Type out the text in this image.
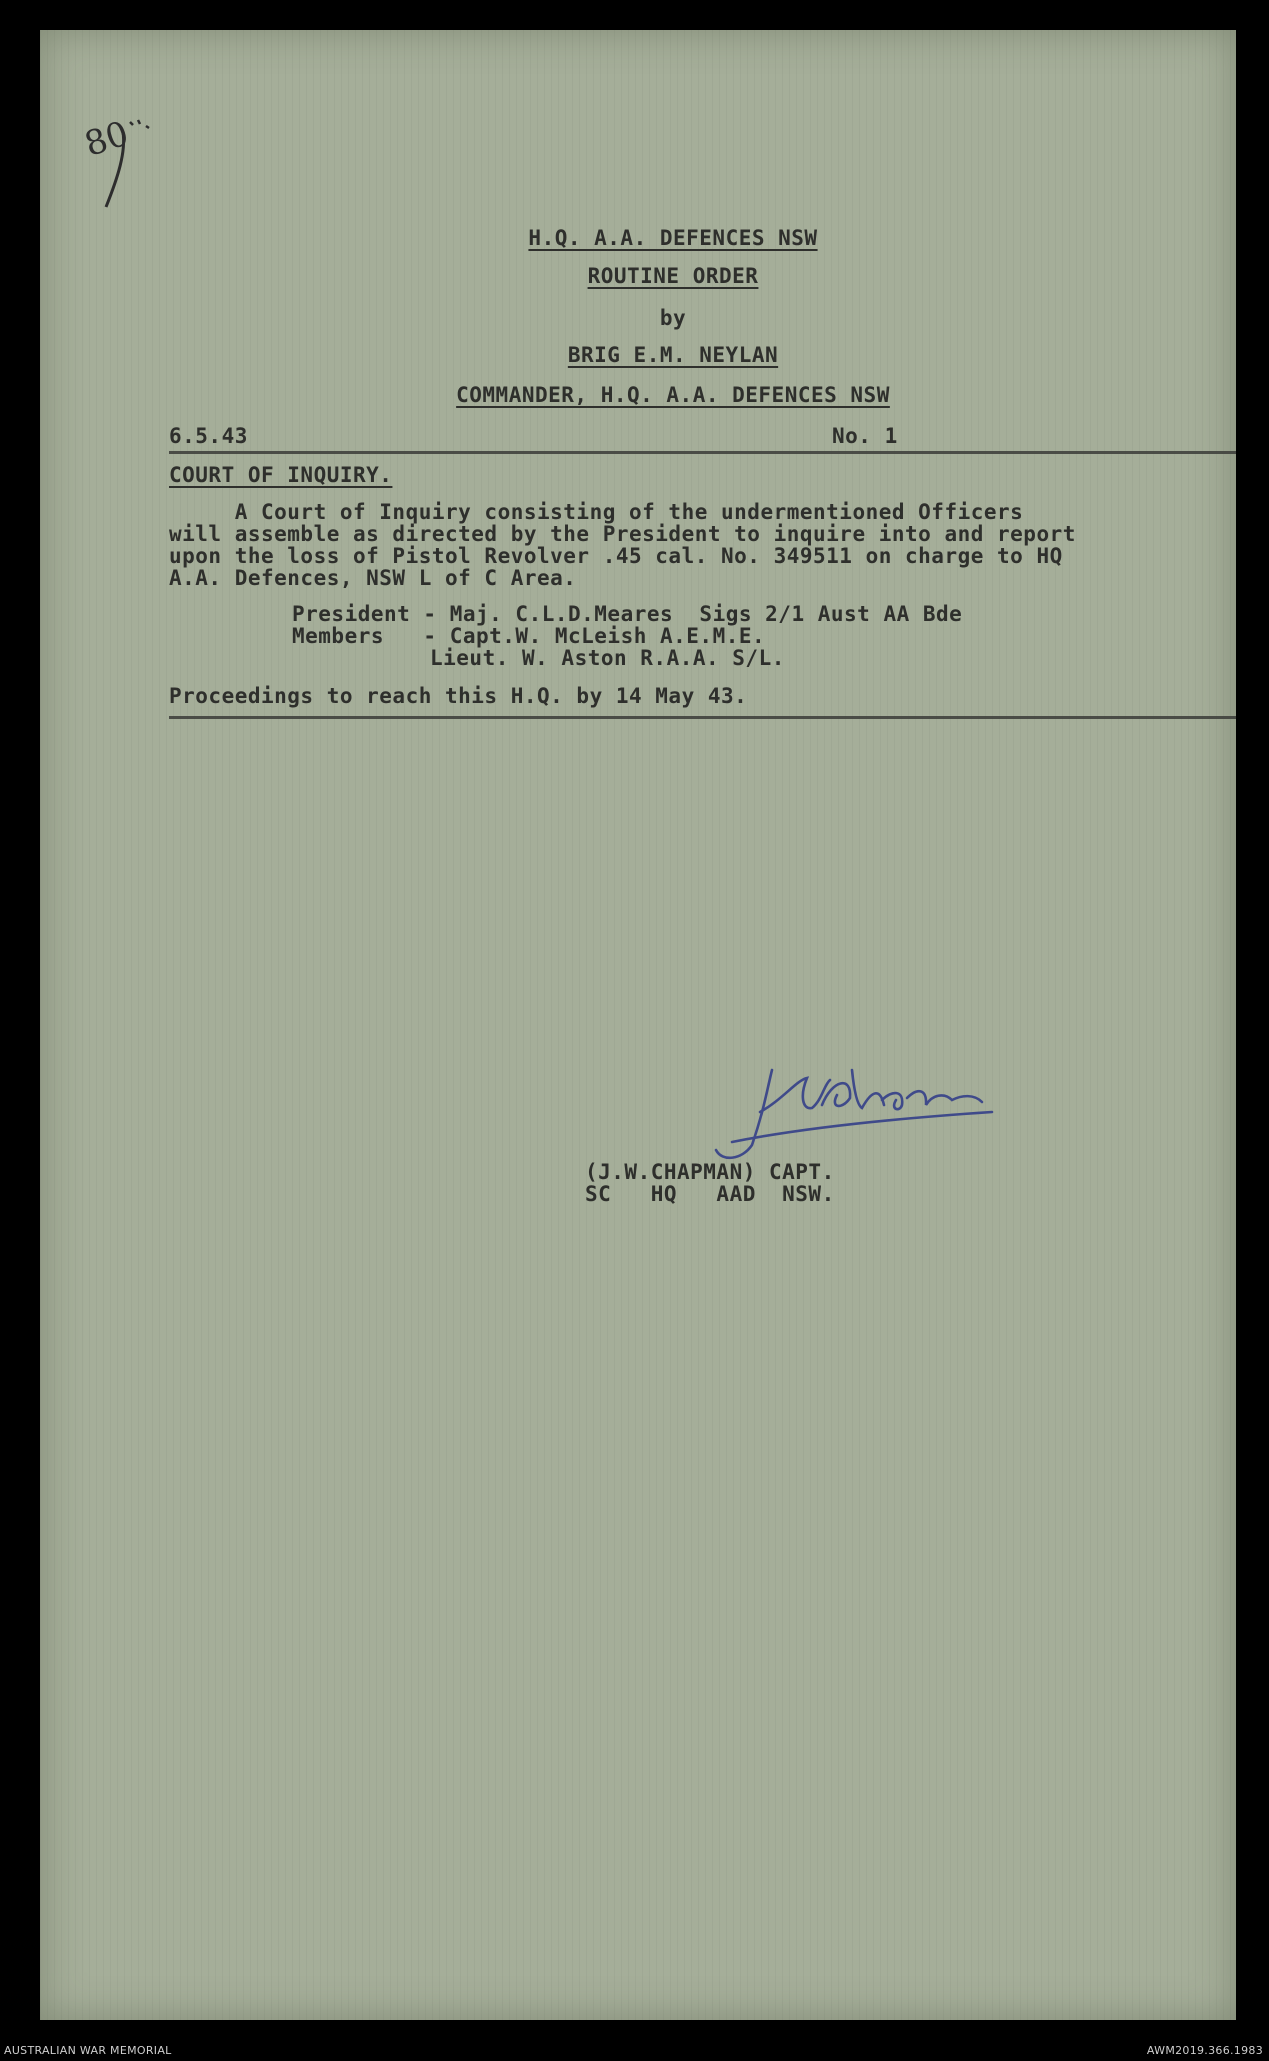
80
H.Q. A.A. DEFENCES NSW
ROUTINE ORDER
by
BRIG E.M. NEYLAN
COMMANDER, H.Q. A.A. DEFENCES NSW
6.5.43	No. 1
COURT OF INQUIRY.
A Court of Inquiry consisting of the undermentioned Officers
will assemble as directed by the President to inquire into and report
upon the loss of Pistol Revolver .45 cal. No. 349511 on charge to HQ
A.A. Defences, NSW L of C Area.
President - Maj. C.L.D.Meares  Sigs 2/1 Aust AA Bde
Members   - Capt.W. McLeish A.E.M.E.
Lieut. W. Aston R.A.A. S/L.
Proceedings to reach this H.Q. by 14 May 43.
(J.W.CHAPMAN) CAPT.
SC   HQ   AAD  NSW.
AUSTRALIAN WAR MEMORIAL	AWM2019.366.1983
